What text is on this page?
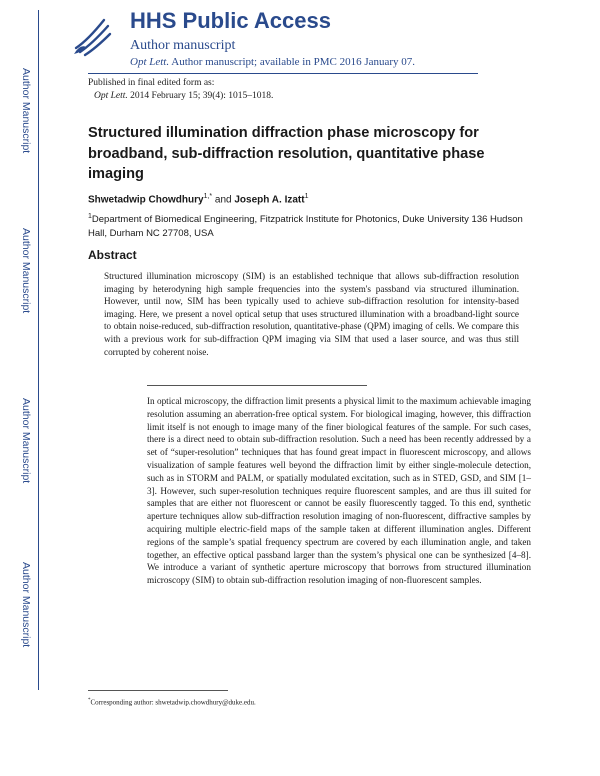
Author Manuscript
Author Manuscript
Author Manuscript
Author Manuscript
HHS Public Access
Author manuscript
Opt Lett. Author manuscript; available in PMC 2016 January 07.
Published in final edited form as:
Opt Lett. 2014 February 15; 39(4): 1015–1018.
Structured illumination diffraction phase microscopy for broadband, sub-diffraction resolution, quantitative phase imaging
Shwetadwip Chowdhury$^{1,*}$ and Joseph A. Izatt$^1$
$^1$Department of Biomedical Engineering, Fitzpatrick Institute for Photonics, Duke University 136 Hudson Hall, Durham NC 27708, USA
Abstract
Structured illumination microscopy (SIM) is an established technique that allows sub-diffraction resolution imaging by heterodyning high sample frequencies into the system's passband via structured illumination. However, until now, SIM has been typically used to achieve sub-diffraction resolution for intensity-based imaging. Here, we present a novel optical setup that uses structured illumination with a broadband-light source to obtain noise-reduced, sub-diffraction resolution, quantitative-phase (QPM) imaging of cells. We compare this with a previous work for sub-diffraction QPM imaging via SIM that used a laser source, and was thus still corrupted by coherent noise.
In optical microscopy, the diffraction limit presents a physical limit to the maximum achievable imaging resolution assuming an aberration-free optical system. For biological imaging, however, this diffraction limit itself is not enough to image many of the finer biological features of the sample. For such cases, there is a direct need to obtain sub-diffraction resolution. Such a need has been recently addressed by a set of “super-resolution” techniques that has found great impact in fluorescent microscopy, and allows visualization of sample features well beyond the diffraction limit by either single-molecule detection, such as in STORM and PALM, or spatially modulated excitation, such as in STED, GSD, and SIM [1–3]. However, such super-resolution techniques require fluorescent samples, and are thus ill suited for samples that are either not fluorescent or cannot be easily fluorescently tagged. To this end, synthetic aperture techniques allow sub-diffraction resolution imaging of non-fluorescent, diffractive samples by acquiring multiple electric-field maps of the sample taken at different illumination angles. Different regions of the sample’s spatial frequency spectrum are covered by each illumination angle, and taken together, an effective optical passband larger than the system’s physical one can be synthesized [4–8]. We introduce a variant of synthetic aperture microscopy that borrows from structured illumination microscopy (SIM) to obtain sub-diffraction resolution imaging of non-fluorescent samples.
*Corresponding author: shwetadwip.chowdhury@duke.edu.
